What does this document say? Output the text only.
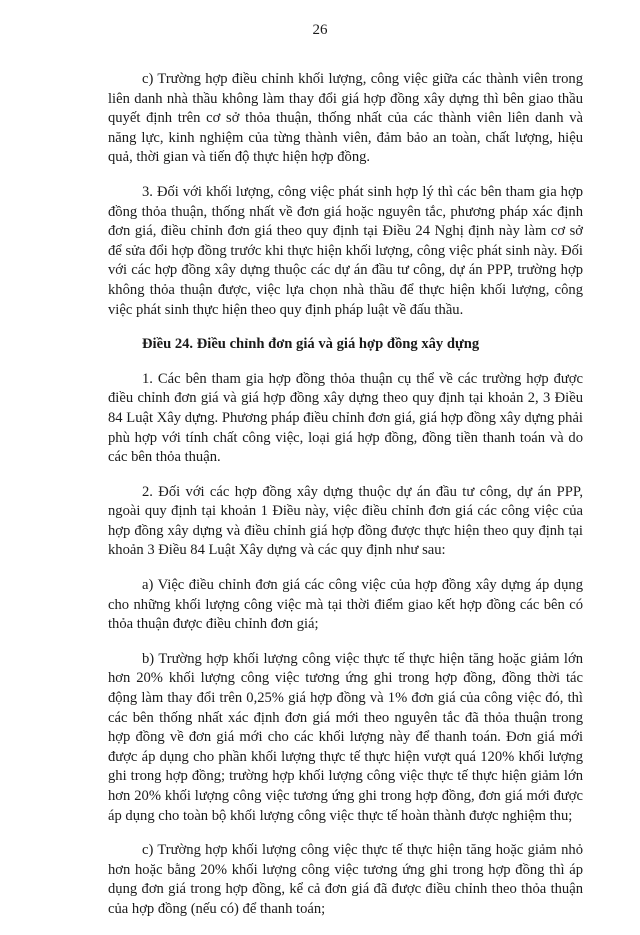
26

c) Trường hợp điều chỉnh khối lượng, công việc giữa các thành viên trong liên danh nhà thầu không làm thay đổi giá hợp đồng xây dựng thì bên giao thầu quyết định trên cơ sở thỏa thuận, thống nhất của các thành viên liên danh và năng lực, kinh nghiệm của từng thành viên, đảm bảo an toàn, chất lượng, hiệu quả, thời gian và tiến độ thực hiện hợp đồng.

3. Đối với khối lượng, công việc phát sinh hợp lý thì các bên tham gia hợp đồng thỏa thuận, thống nhất về đơn giá hoặc nguyên tắc, phương pháp xác định đơn giá, điều chỉnh đơn giá theo quy định tại Điều 24 Nghị định này làm cơ sở để sửa đổi hợp đồng trước khi thực hiện khối lượng, công việc phát sinh này. Đối với các hợp đồng xây dựng thuộc các dự án đầu tư công, dự án PPP, trường hợp không thỏa thuận được, việc lựa chọn nhà thầu để thực hiện khối lượng, công việc phát sinh thực hiện theo quy định pháp luật về đấu thầu.

Điều 24. Điều chỉnh đơn giá và giá hợp đồng xây dựng

1. Các bên tham gia hợp đồng thỏa thuận cụ thể về các trường hợp được điều chỉnh đơn giá và giá hợp đồng xây dựng theo quy định tại khoản 2, 3 Điều 84 Luật Xây dựng. Phương pháp điều chỉnh đơn giá, giá hợp đồng xây dựng phải phù hợp với tính chất công việc, loại giá hợp đồng, đồng tiền thanh toán và do các bên thỏa thuận.

2. Đối với các hợp đồng xây dựng thuộc dự án đầu tư công, dự án PPP, ngoài quy định tại khoản 1 Điều này, việc điều chỉnh đơn giá các công việc của hợp đồng xây dựng và điều chỉnh giá hợp đồng được thực hiện theo quy định tại khoản 3 Điều 84 Luật Xây dựng và các quy định như sau:

a) Việc điều chỉnh đơn giá các công việc của hợp đồng xây dựng áp dụng cho những khối lượng công việc mà tại thời điểm giao kết hợp đồng các bên có thỏa thuận được điều chỉnh đơn giá;

b) Trường hợp khối lượng công việc thực tế thực hiện tăng hoặc giảm lớn hơn 20% khối lượng công việc tương ứng ghi trong hợp đồng, đồng thời tác động làm thay đổi trên 0,25% giá hợp đồng và 1% đơn giá của công việc đó, thì các bên thống nhất xác định đơn giá mới theo nguyên tắc đã thỏa thuận trong hợp đồng về đơn giá mới cho các khối lượng này để thanh toán. Đơn giá mới được áp dụng cho phần khối lượng thực tế thực hiện vượt quá 120% khối lượng ghi trong hợp đồng; trường hợp khối lượng công việc thực tế thực hiện giảm lớn hơn 20% khối lượng công việc tương ứng ghi trong hợp đồng, đơn giá mới được áp dụng cho toàn bộ khối lượng công việc thực tế hoàn thành được nghiệm thu;

c) Trường hợp khối lượng công việc thực tế thực hiện tăng hoặc giảm nhỏ hơn hoặc bằng 20% khối lượng công việc tương ứng ghi trong hợp đồng thì áp dụng đơn giá trong hợp đồng, kể cả đơn giá đã được điều chỉnh theo thỏa thuận của hợp đồng (nếu có) để thanh toán;
